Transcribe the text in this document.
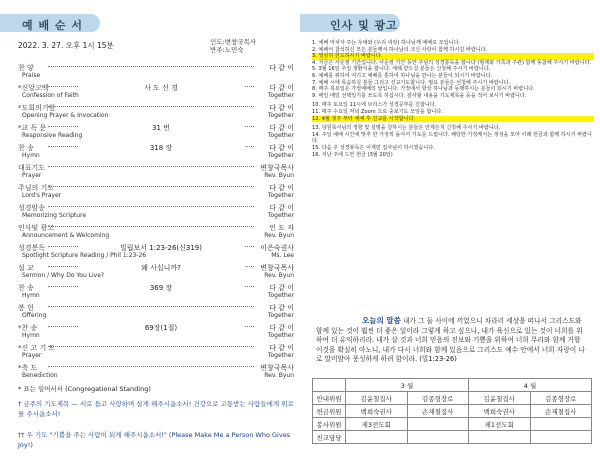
예 배 순 서	인사 및 광고
2022. 3. 27. 오후 1시 15분	인도:변창국목사
반주:노민숙
찬 양	다 같 이
Praise
*신앙고백	사 도 신 경	다 같 이
Confession of Faith	Together
*도회의기원	다 같 이
Opening Prayer & Invocation	Together
*교 독 문	31 번	다 같 이
Responsive Reading	Together
찬 송	318 장	다 같 이
Hymn	Together
대표기도	변창국목사
Prayer	Rev. Byun
주님의 기도	다 같 이
Lord's Prayer	Together
성경암송	다 같 이
Memorizing Scripture	Together
인사및 광고	인 도 자
Announcement & Welcoming	Rev. Byun
성경봉독	빌립보서 1:23-26(신319)	이은숙권사
Spotlight Scripture Reading / Phil 1:23-26	Ms. Lee
설 교	왜 사십니까?	변창국목사
Sermon / Why Do You Live?	Rev. Byun
찬 송	369 장	다 같 이
Hymn	Together
봉 헌	다 같 이
Offering	Together
*찬 송	69장(1절)	다 같 이
Hymn	Together
*신 고 기 도	다 같 이
Prayer	Together
*축 도	변창국목사
Benediction	Rev. Byun
* 표는 일어서서 (Congregational Standing)
† 금주의 기도제목 — 서로 돕고 사랑하며 살게 해주시옵소서! 건강으로 고통받는 사람들에게 위로를 주시옵소서!
†† 우 기도 "기쁨을 주는 사람이 되게 해주시옵소서!" (Please Make Me a Person Who Gives Joy!)
1. 예배 마치자 주는 우애와 (우리 여럿) 하나님께 예배로 모입니다.
2. 예배어 참석하신 모든 분들께서 하나님의 크신 사랑이 함께 하시길 바랍니다.
3. 열심히 헌도하시기 바랍니다.
4. 지금은 사순절 기간입니다. 사순절 기간 동안 주님의 성경통독을 합니다 (형제와 가족과 주관) 함께 동참해 주시기 바랍니다.
5. 3월 16일 주일 생환식을 합니다. 세례 받으실 분들은 신청해 주시기 바랍니다.
6. 예배를 위하여 여기고 예배를 통하여 하나님을 만나는 분들이 되시기 바랍니다.
7. 예배 시에 목숨하실 분들 그리고 선교기도합니다. 필요 분들은 선청해 주시기 바랍니다.
8. 매주 목요일은 가정예배의 날입니다. 가정에서 항상 하나님과 동행하시는 분들이 되시기 바랍니다.
9. 매일 매일 선택일기를 쓰도록 하십시다. 감사할 내용을 기도제목을 등을 적어 보시기 바랍니다.
10. 매주 토요일 11시에 브리스가 성경공부를 진합니다.
11. 매주 수요일 저녁 Zoom 으로 중보기도 모임을 합니다.
12. 4월 첫주 부터 에에 후 친교를 시작합니다.
13. 딩원목사님의 정향 및 설명을 칭하시는 분들은 언제든지 신청해 주시기 바랍니다.
14. 주일 예배 시간에 맞추 한 가정씩 돌아서 기도를 드립니다. 해당한 가정께서는 정성을 모아 이례 헌금과 함께 하시기 바랍니다.
15. 다음 주 성경봉독은 이재민 집사님이 하시겠습니다.
16. 지난 주에 드린 헌금 (3월 20일)
오늘의 말씀 내가 그 둘 사이에 끼었으니 차라리 세상을 떠나서 그리스도와 함께 있는 것이 훨씬 더 좋은 일이라 그렇게 하고 싶으나, 내가 육신으로 있는 것이 너희를 위하여 더 유익하리라. 내가 살 것과 너희 믿음의 진보와 기쁨을 위하여 너희 무리와 함께 거할 이것을 확실히 아노니, 내가 다시 너희와 함께 있음으로 그리스도 예수 안에서 너희 자랑이 나로 말미암아 풍성하게 하려 함이라. (빌1:23-26)
	3 월		4 월	
안내위원	김윤철집사	김종형장로	김윤철집사	김종형장로
헌금위원	백희숙권사	손재철집사	백희숙권사	손재철집사
봉사위원	제3전도회		제1전도회	
친교담당				
